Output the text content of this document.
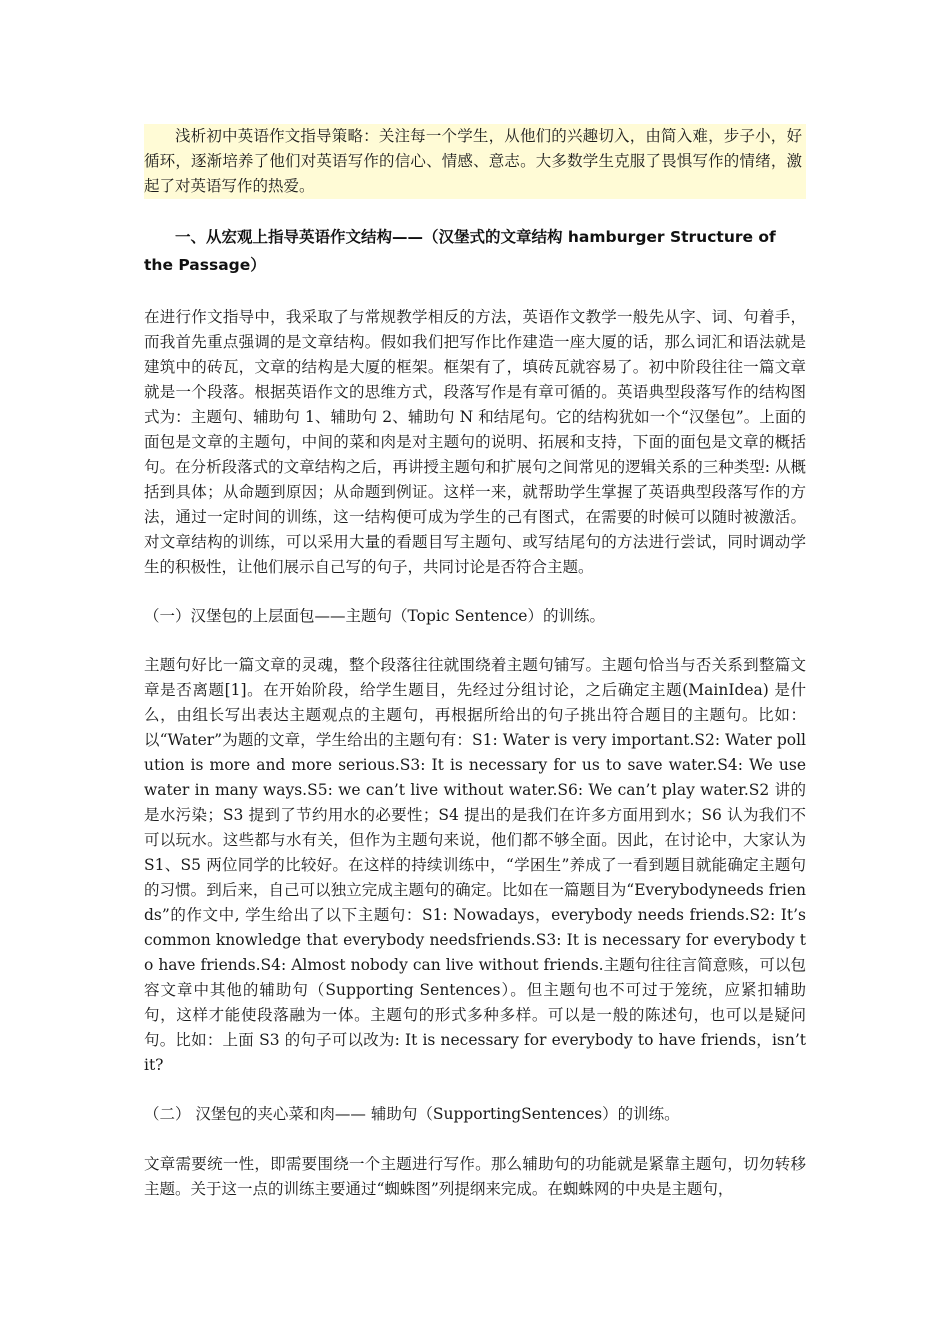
浅析初中英语作文指导策略：关注每一个学生，从他们的兴趣切入，由简入难，步子小，好循环，逐渐培养了他们对英语写作的信心、情感、意志。大多数学生克服了畏惧写作的情绪，激起了对英语写作的热爱。

一、从宏观上指导英语作文结构——（汉堡式的文章结构 hamburger Structure of the Passage）

在进行作文指导中，我采取了与常规教学相反的方法，英语作文教学一般先从字、词、句着手，而我首先重点强调的是文章结构。假如我们把写作比作建造一座大厦的话，那么词汇和语法就是建筑中的砖瓦，文章的结构是大厦的框架。框架有了，填砖瓦就容易了。初中阶段往往一篇文章就是一个段落。根据英语作文的思维方式，段落写作是有章可循的。英语典型段落写作的结构图式为：主题句、辅助句 1、辅助句 2、辅助句 N 和结尾句。它的结构犹如一个“汉堡包”。上面的面包是文章的主题句，中间的菜和肉是对主题句的说明、拓展和支持，下面的面包是文章的概括句。在分析段落式的文章结构之后，再讲授主题句和扩展句之间常见的逻辑关系的三种类型: 从概括到具体；从命题到原因；从命题到例证。这样一来，就帮助学生掌握了英语典型段落写作的方法，通过一定时间的训练，这一结构便可成为学生的己有图式，在需要的时候可以随时被激活。对文章结构的训练，可以采用大量的看题目写主题句、或写结尾句的方法进行尝试，同时调动学生的积极性，让他们展示自己写的句子，共同讨论是否符合主题。

（一）汉堡包的上层面包——主题句（Topic Sentence）的训练。

主题句好比一篇文章的灵魂，整个段落往往就围绕着主题句铺写。主题句恰当与否关系到整篇文章是否离题[1]。在开始阶段，给学生题目，先经过分组讨论，之后确定主题(MainIdea) 是什么，由组长写出表达主题观点的主题句，再根据所给出的句子挑出符合题目的主题句。比如：以“Water”为题的文章，学生给出的主题句有：S1: Water is very important.S2: Water pollution is more and more serious.S3: It is necessary for us to save water.S4: We use water in many ways.S5: we can’t live without water.S6: We can’t play water.S2 讲的是水污染；S3 提到了节约用水的必要性；S4 提出的是我们在许多方面用到水；S6 认为我们不可以玩水。这些都与水有关，但作为主题句来说，他们都不够全面。因此，在讨论中，大家认为 S1、S5 两位同学的比较好。在这样的持续训练中，“学困生”养成了一看到题目就能确定主题句的习惯。到后来，自己可以独立完成主题句的确定。比如在一篇题目为“Everybodyneeds friends”的作文中, 学生给出了以下主题句：S1: Nowadays，everybody needs friends.S2: It’s common knowledge that everybody needsfriends.S3: It is necessary for everybody to have friends.S4: Almost nobody can live without friends.主题句往往言简意赅，可以包容文章中其他的辅助句（Supporting Sentences）。但主题句也不可过于笼统，应紧扣辅助句，这样才能使段落融为一体。主题句的形式多种多样。可以是一般的陈述句，也可以是疑问句。比如：上面 S3 的句子可以改为: It is necessary for everybody to have friends，isn’t it?

（二） 汉堡包的夹心菜和肉—— 辅助句（SupportingSentences）的训练。

文章需要统一性，即需要围绕一个主题进行写作。那么辅助句的功能就是紧靠主题句，切勿转移主题。关于这一点的训练主要通过“蜘蛛图”列提纲来完成。在蜘蛛网的中央是主题句，
